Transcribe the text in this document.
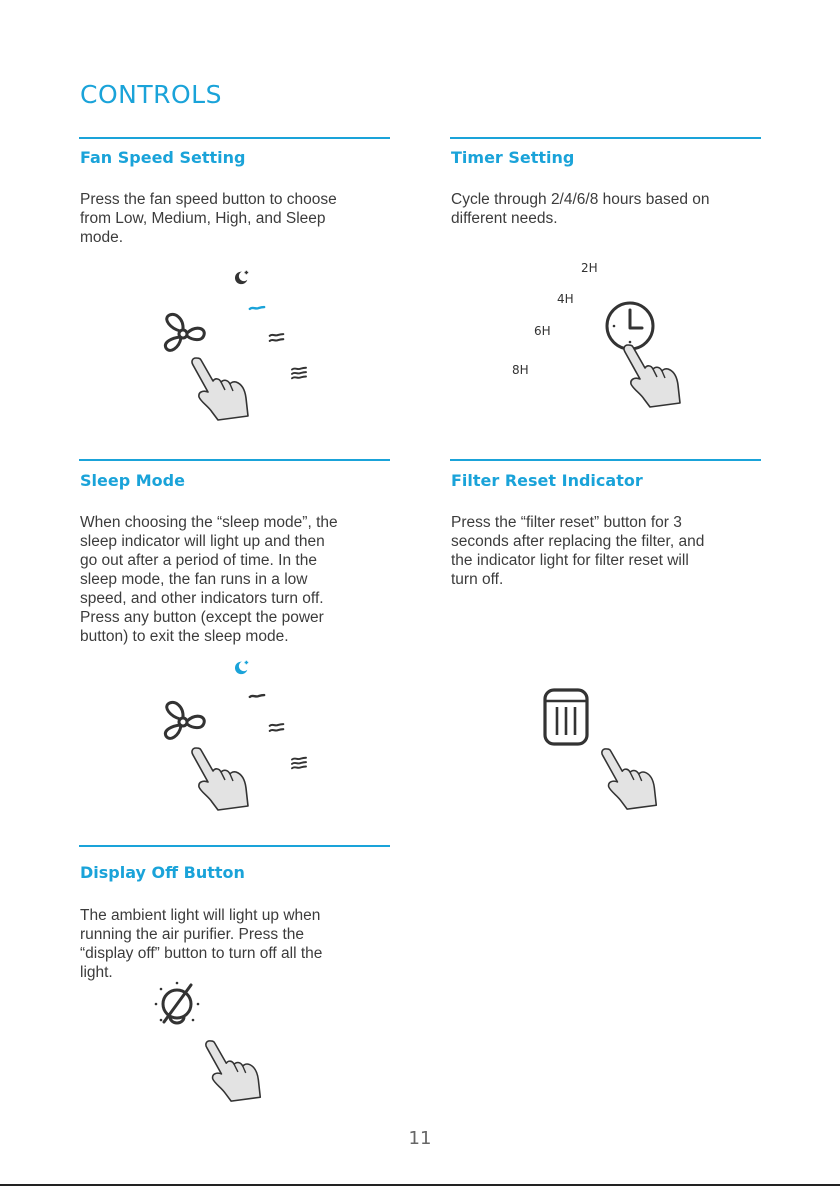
CONTROLS
Fan Speed Setting
Press the fan speed button to choose
from Low, Medium, High, and Sleep
mode.
Timer Setting
Cycle through 2/4/6/8 hours based on
different needs.
2H
4H
6H
8H
Sleep Mode
When choosing the “sleep mode”, the
sleep indicator will light up and then
go out after a period of time. In the
sleep mode, the fan runs in a low
speed, and other indicators turn off.
Press any button (except the power
button) to exit the sleep mode.
Filter Reset Indicator
Press the “filter reset” button for 3
seconds after replacing the filter, and
the indicator light for filter reset will
turn off.
Display Off Button
The ambient light will light up when
running the air purifier. Press the
“display off” button to turn off all the
light.
11
